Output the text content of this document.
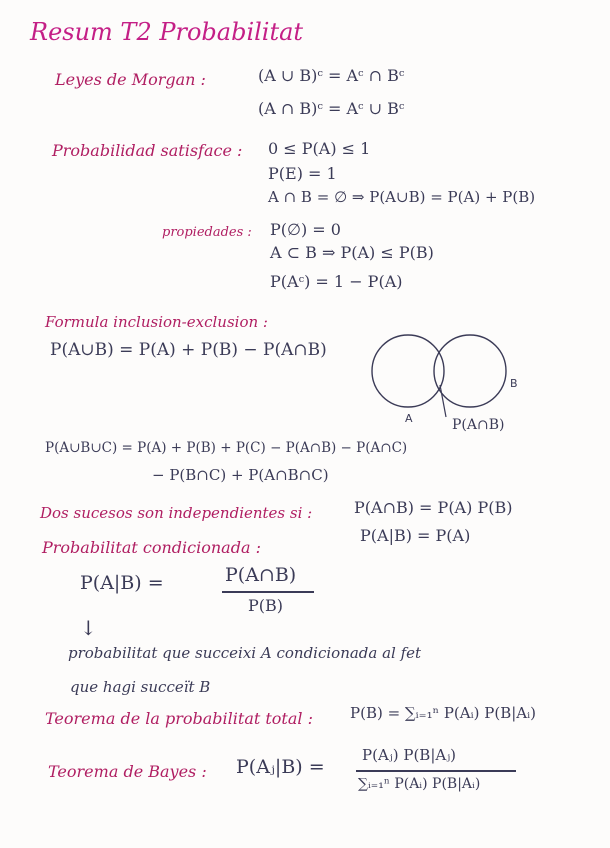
Resum T2 Probabilitat
Leyes de Morgan :	(A ∪ B)ᶜ = Aᶜ ∩ Bᶜ
(A ∩ B)ᶜ = Aᶜ ∪ Bᶜ
Probabilidad satisface : 0 ≤ P(A) ≤ 1
P(E) = 1
A ∩ B = ∅ ⇒ P(A∪B) = P(A) + P(B)
propiedades : P(∅) = 0
A ⊂ B ⇒ P(A) ≤ P(B)
P(Aᶜ) = 1 − P(A)
Formula inclusion-exclusion :
P(A∪B) = P(A) + P(B) − P(A∩B)
A
B
P(A∩B)
P(A∪B∪C) = P(A) + P(B) + P(C) − P(A∩B) − P(A∩C)
− P(B∩C) + P(A∩B∩C)
Dos sucesos son independientes si :	P(A∩B) = P(A) P(B)
P(A|B) = P(A)
Probabilitat condicionada :
P(A|B) =	P(A∩B)
P(B)
↓
probabilitat que succeixi A condicionada al fet
que hagi succeït B
Teorema de la probabilitat total : P(B) = ∑ᵢ₌₁ⁿ P(Aᵢ) P(B|Aᵢ)
Teorema de Bayes : P(Aⱼ|B) =
P(Aⱼ) P(B|Aⱼ)
∑ᵢ₌₁ⁿ P(Aᵢ) P(B|Aᵢ)
